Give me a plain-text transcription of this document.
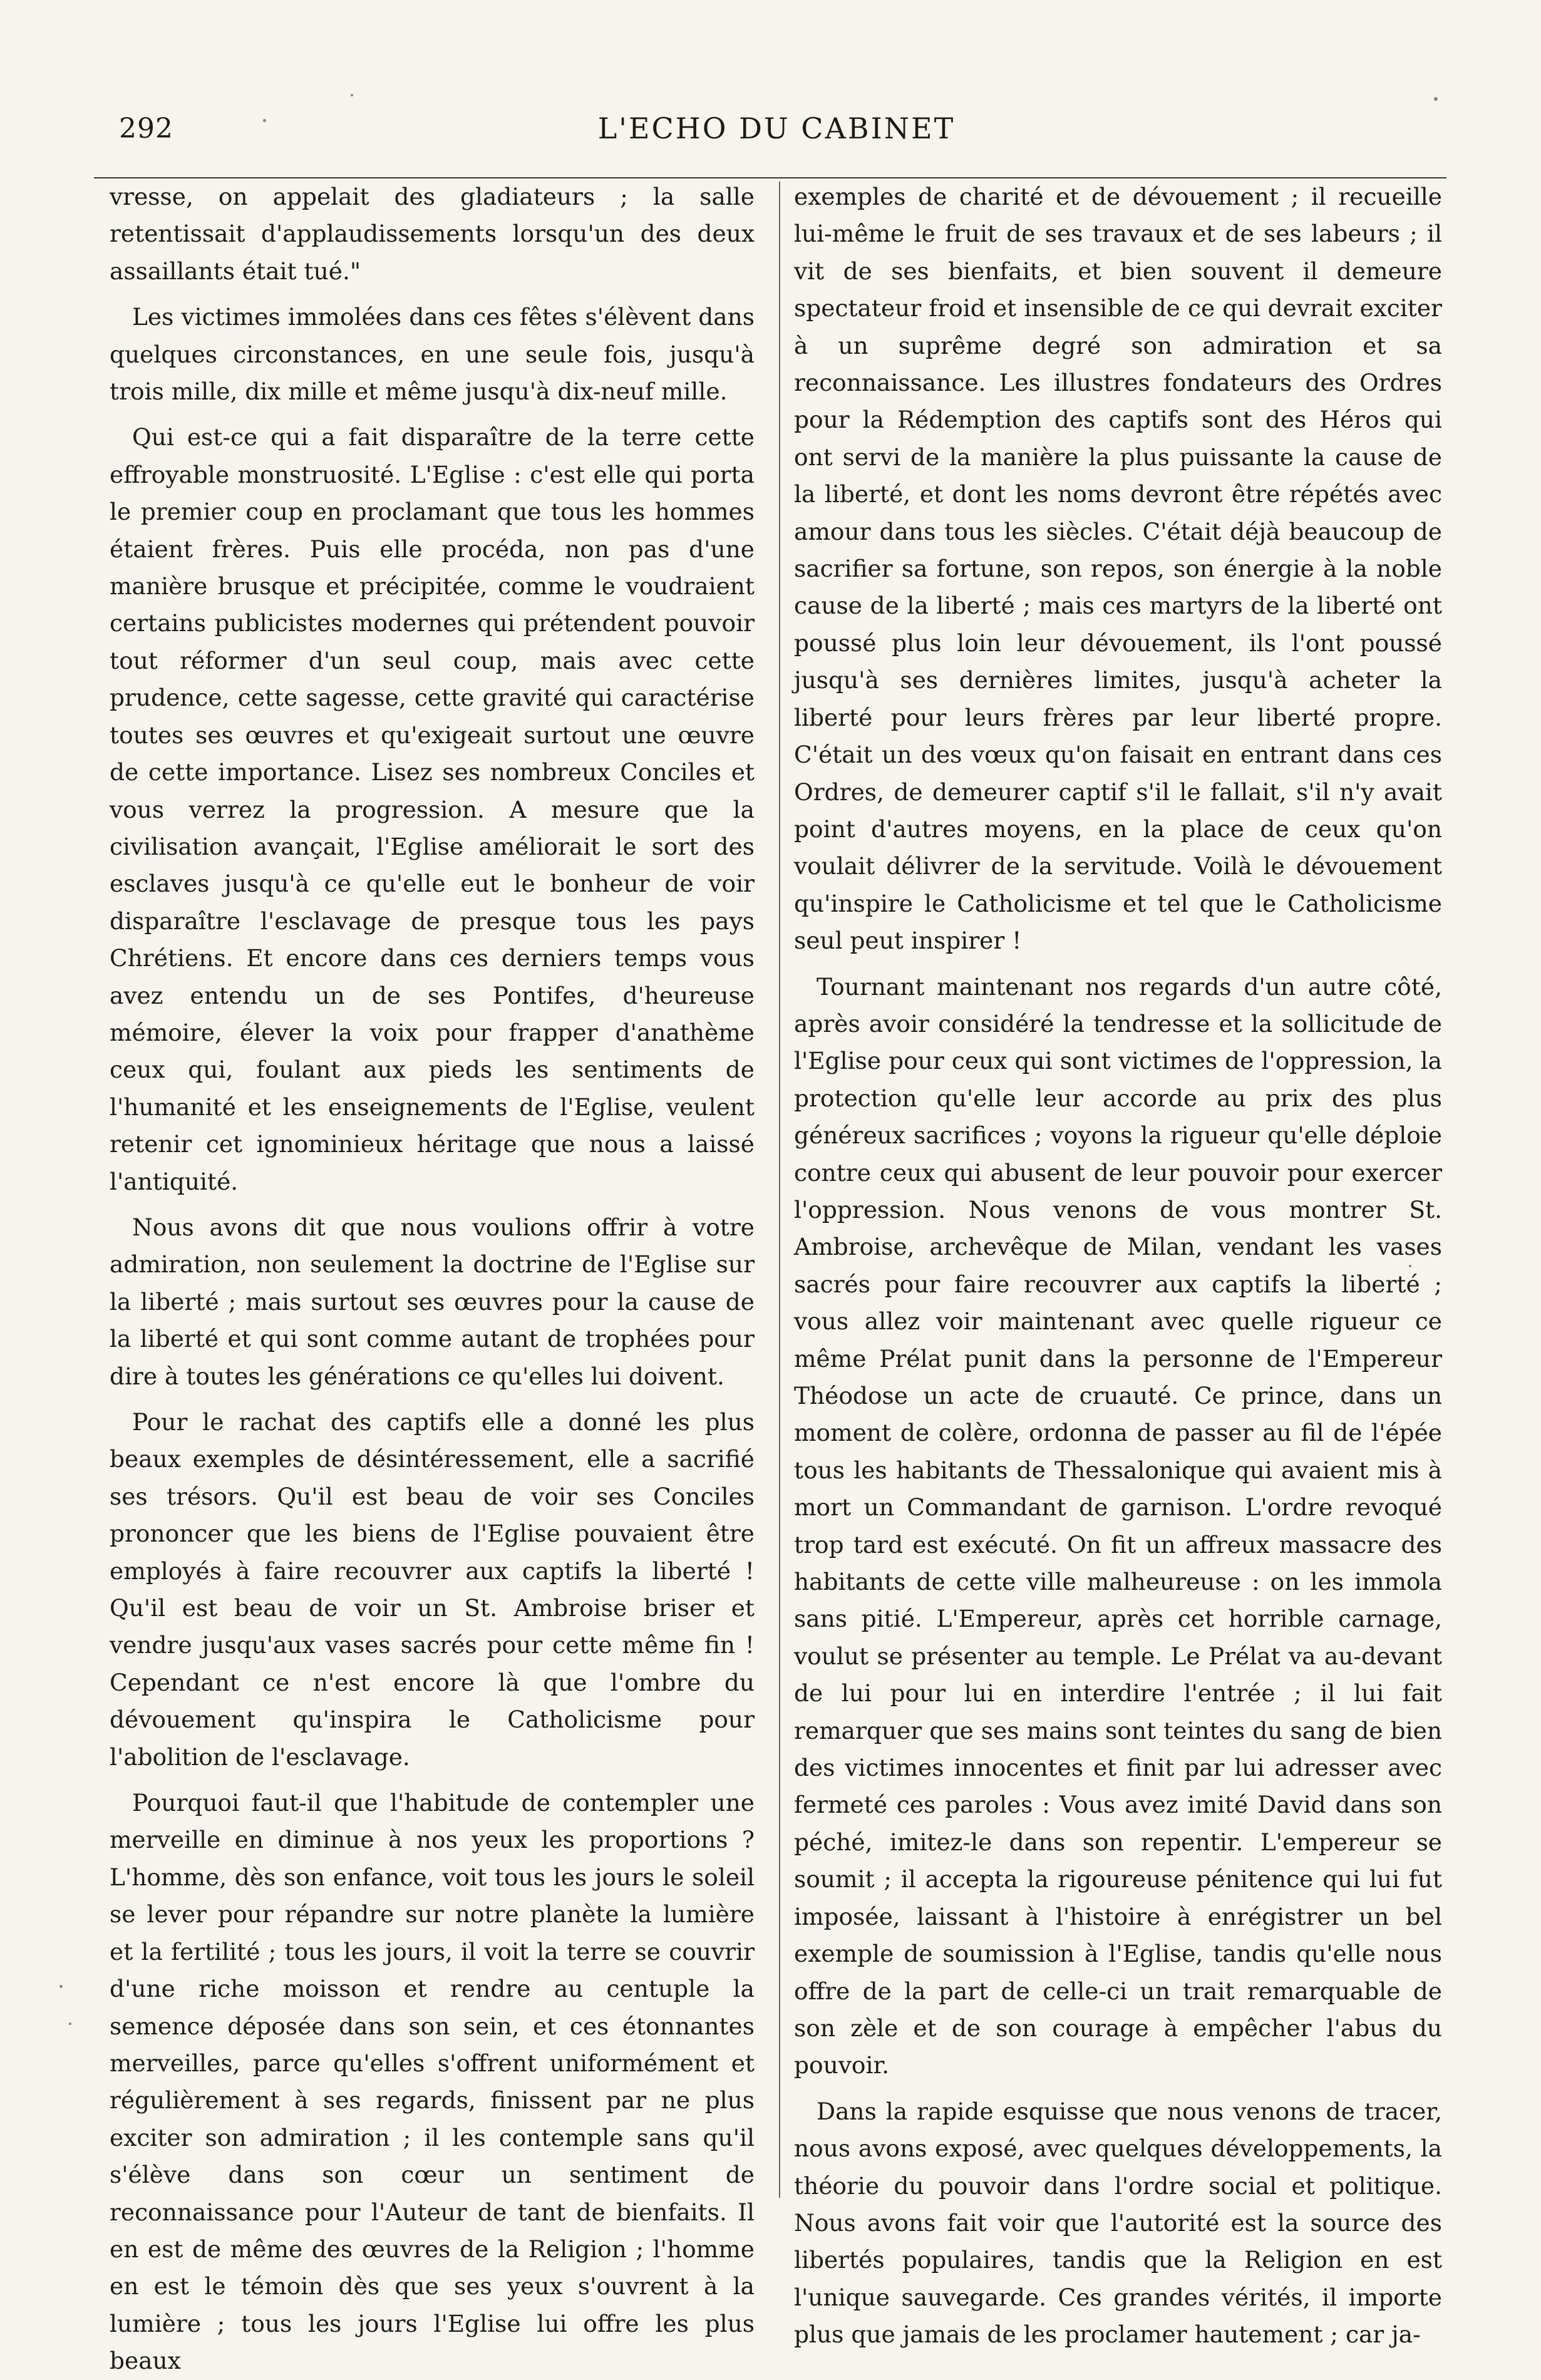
292	L'ECHO DU CABINET

vresse, on appelait des gladiateurs ; la salle retentissait d'applaudissements lorsqu'un des deux assaillants était tué."

Les victimes immolées dans ces fêtes s'élèvent dans quelques circonstances, en une seule fois, jusqu'à trois mille, dix mille et même jusqu'à dix-neuf mille.

Qui est-ce qui a fait disparaître de la terre cette effroyable monstruosité. L'Eglise : c'est elle qui porta le premier coup en proclamant que tous les hommes étaient frères. Puis elle procéda, non pas d'une manière brusque et précipitée, comme le voudraient certains publicistes modernes qui prétendent pouvoir tout réformer d'un seul coup, mais avec cette prudence, cette sagesse, cette gravité qui caractérise toutes ses œuvres et qu'exigeait surtout une œuvre de cette importance. Lisez ses nombreux Conciles et vous verrez la progression. A mesure que la civilisation avançait, l'Eglise améliorait le sort des esclaves jusqu'à ce qu'elle eut le bonheur de voir disparaître l'esclavage de presque tous les pays Chrétiens. Et encore dans ces derniers temps vous avez entendu un de ses Pontifes, d'heureuse mémoire, élever la voix pour frapper d'anathème ceux qui, foulant aux pieds les sentiments de l'humanité et les enseignements de l'Eglise, veulent retenir cet ignominieux héritage que nous a laissé l'antiquité.

Nous avons dit que nous voulions offrir à votre admiration, non seulement la doctrine de l'Eglise sur la liberté ; mais surtout ses œuvres pour la cause de la liberté et qui sont comme autant de trophées pour dire à toutes les générations ce qu'elles lui doivent.

Pour le rachat des captifs elle a donné les plus beaux exemples de désintéressement, elle a sacrifié ses trésors. Qu'il est beau de voir ses Conciles prononcer que les biens de l'Eglise pouvaient être employés à faire recouvrer aux captifs la liberté ! Qu'il est beau de voir un St. Ambroise briser et vendre jusqu'aux vases sacrés pour cette même fin ! Cependant ce n'est encore là que l'ombre du dévouement qu'inspira le Catholicisme pour l'abolition de l'esclavage.

Pourquoi faut-il que l'habitude de contempler une merveille en diminue à nos yeux les proportions ? L'homme, dès son enfance, voit tous les jours le soleil se lever pour répandre sur notre planète la lumière et la fertilité ; tous les jours, il voit la terre se couvrir d'une riche moisson et rendre au centuple la semence déposée dans son sein, et ces étonnantes merveilles, parce qu'elles s'offrent uniformément et régulièrement à ses regards, finissent par ne plus exciter son admiration ; il les contemple sans qu'il s'élève dans son cœur un sentiment de reconnaissance pour l'Auteur de tant de bienfaits. Il en est de même des œuvres de la Religion ; l'homme en est le témoin dès que ses yeux s'ouvrent à la lumière ; tous les jours l'Eglise lui offre les plus beaux

exemples de charité et de dévouement ; il recueille lui-même le fruit de ses travaux et de ses labeurs ; il vit de ses bienfaits, et bien souvent il demeure spectateur froid et insensible de ce qui devrait exciter à un suprême degré son admiration et sa reconnaissance. Les illustres fondateurs des Ordres pour la Rédemption des captifs sont des Héros qui ont servi de la manière la plus puissante la cause de la liberté, et dont les noms devront être répétés avec amour dans tous les siècles. C'était déjà beaucoup de sacrifier sa fortune, son repos, son énergie à la noble cause de la liberté ; mais ces martyrs de la liberté ont poussé plus loin leur dévouement, ils l'ont poussé jusqu'à ses dernières limites, jusqu'à acheter la liberté pour leurs frères par leur liberté propre. C'était un des vœux qu'on faisait en entrant dans ces Ordres, de demeurer captif s'il le fallait, s'il n'y avait point d'autres moyens, en la place de ceux qu'on voulait délivrer de la servitude. Voilà le dévouement qu'inspire le Catholicisme et tel que le Catholicisme seul peut inspirer !

Tournant maintenant nos regards d'un autre côté, après avoir considéré la tendresse et la sollicitude de l'Eglise pour ceux qui sont victimes de l'oppression, la protection qu'elle leur accorde au prix des plus généreux sacrifices ; voyons la rigueur qu'elle déploie contre ceux qui abusent de leur pouvoir pour exercer l'oppression. Nous venons de vous montrer St. Ambroise, archevêque de Milan, vendant les vases sacrés pour faire recouvrer aux captifs la liberté ; vous allez voir maintenant avec quelle rigueur ce même Prélat punit dans la personne de l'Empereur Théodose un acte de cruauté. Ce prince, dans un moment de colère, ordonna de passer au fil de l'épée tous les habitants de Thessalonique qui avaient mis à mort un Commandant de garnison. L'ordre revoqué trop tard est exécuté. On fit un affreux massacre des habitants de cette ville malheureuse : on les immola sans pitié. L'Empereur, après cet horrible carnage, voulut se présenter au temple. Le Prélat va au-devant de lui pour lui en interdire l'entrée ; il lui fait remarquer que ses mains sont teintes du sang de bien des victimes innocentes et finit par lui adresser avec fermeté ces paroles : Vous avez imité David dans son péché, imitez-le dans son repentir. L'empereur se soumit ; il accepta la rigoureuse pénitence qui lui fut imposée, laissant à l'histoire à enrégistrer un bel exemple de soumission à l'Eglise, tandis qu'elle nous offre de la part de celle-ci un trait remarquable de son zèle et de son courage à empêcher l'abus du pouvoir.

Dans la rapide esquisse que nous venons de tracer, nous avons exposé, avec quelques développements, la théorie du pouvoir dans l'ordre social et politique. Nous avons fait voir que l'autorité est la source des libertés populaires, tandis que la Religion en est l'unique sauvegarde. Ces grandes vérités, il importe plus que jamais de les proclamer hautement ; car ja-
